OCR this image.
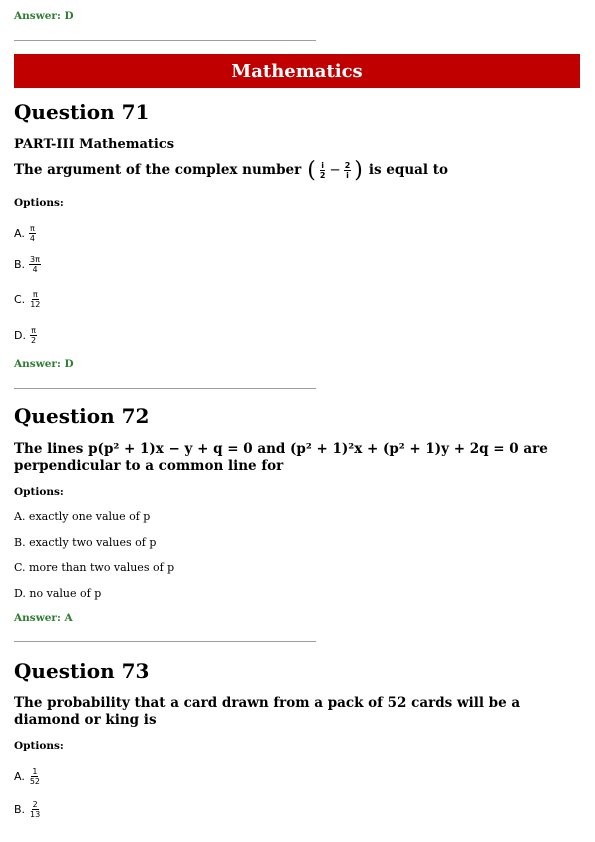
Answer: D
Mathematics
Question 71
PART-III Mathematics
The argument of the complex number ( $\frac{i}{2} - \frac{2}{i}$ ) is equal to
Options:
A. $\frac{\pi}{4}$
B. $\frac{3\pi}{4}$
C. $\frac{\pi}{12}$
D. $\frac{\pi}{2}$
Answer: D
Question 72
The lines p(p² + 1)x − y + q = 0 and (p² + 1)²x + (p² + 1)y + 2q = 0 are
perpendicular to a common line for
Options:
A. exactly one value of p
B. exactly two values of p
C. more than two values of p
D. no value of p
Answer: A
Question 73
The probability that a card drawn from a pack of 52 cards will be a
diamond or king is
Options:
A. $\frac{1}{52}$
B. $\frac{2}{13}$
